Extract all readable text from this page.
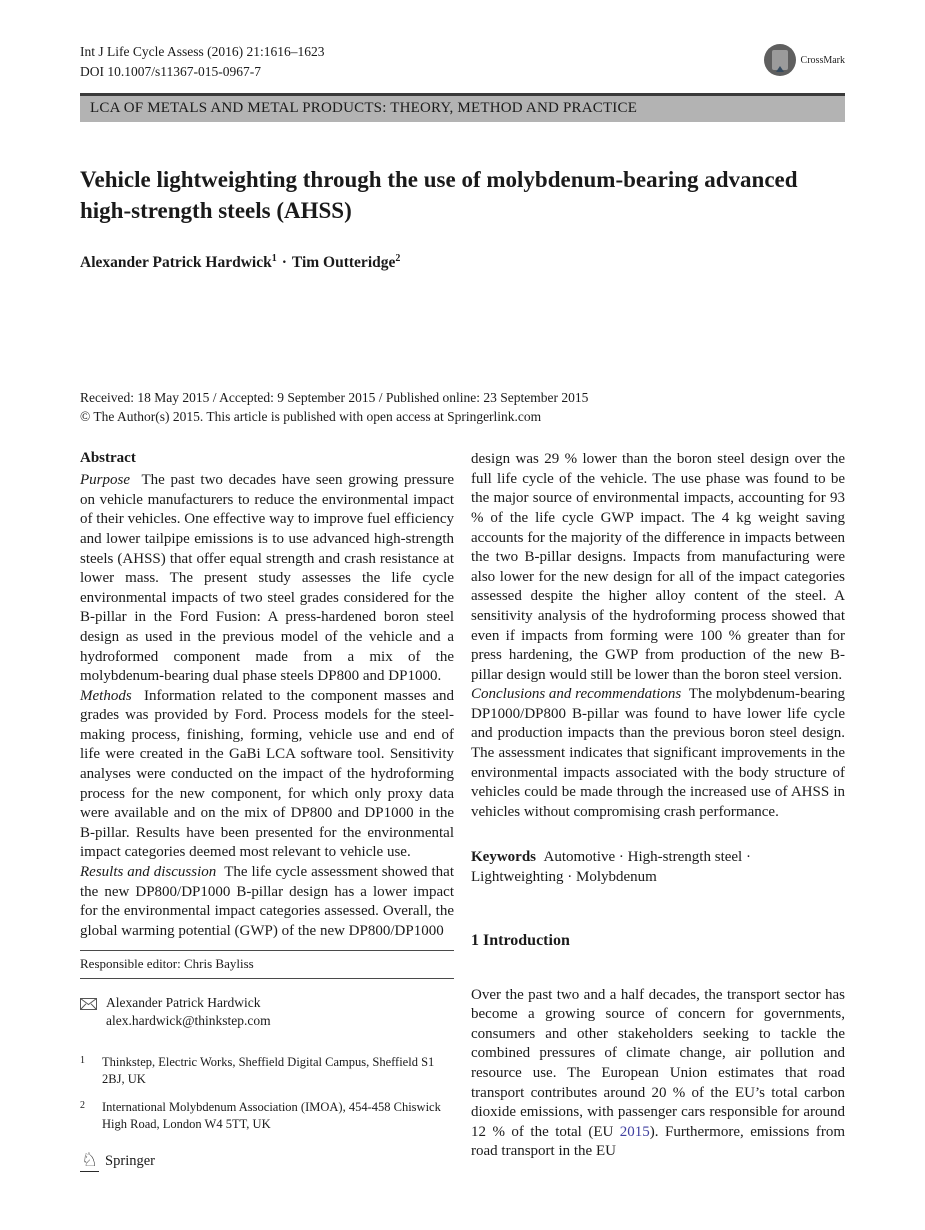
Int J Life Cycle Assess (2016) 21:1616–1623
DOI 10.1007/s11367-015-0967-7
CrossMark
LCA OF METALS AND METAL PRODUCTS: THEORY, METHOD AND PRACTICE
Vehicle lightweighting through the use of molybdenum-bearing advanced high-strength steels (AHSS)
Alexander Patrick Hardwick$^1$ · Tim Outteridge$^2$
Received: 18 May 2015 / Accepted: 9 September 2015 / Published online: 23 September 2015
© The Author(s) 2015. This article is published with open access at Springerlink.com
Abstract

Purpose The past two decades have seen growing pressure on vehicle manufacturers to reduce the environmental impact of their vehicles. One effective way to improve fuel efficiency and lower tailpipe emissions is to use advanced high-strength steels (AHSS) that offer equal strength and crash resistance at lower mass. The present study assesses the life cycle environmental impacts of two steel grades considered for the B-pillar in the Ford Fusion: A press-hardened boron steel design as used in the previous model of the vehicle and a hydroformed component made from a mix of the molybdenum-bearing dual phase steels DP800 and DP1000.

Methods Information related to the component masses and grades was provided by Ford. Process models for the steel-making process, finishing, forming, vehicle use and end of life were created in the GaBi LCA software tool. Sensitivity analyses were conducted on the impact of the hydroforming process for the new component, for which only proxy data were available and on the mix of DP800 and DP1000 in the B-pillar. Results have been presented for the environmental impact categories deemed most relevant to vehicle use.

Results and discussion The life cycle assessment showed that the new DP800/DP1000 B-pillar design has a lower impact for the environmental impact categories assessed. Overall, the global warming potential (GWP) of the new DP800/DP1000

Responsible editor: Chris Bayliss
Alexander Patrick Hardwick
alex.hardwick@thinkstep.com
1	Thinkstep, Electric Works, Sheffield Digital Campus, Sheffield S1 2BJ, UK
2	International Molybdenum Association (IMOA), 454-458 Chiswick High Road, London W4 5TT, UK

design was 29 % lower than the boron steel design over the full life cycle of the vehicle. The use phase was found to be the major source of environmental impacts, accounting for 93 % of the life cycle GWP impact. The 4 kg weight saving accounts for the majority of the difference in impacts between the two B-pillar designs. Impacts from manufacturing were also lower for the new design for all of the impact categories assessed despite the higher alloy content of the steel. A sensitivity analysis of the hydroforming process showed that even if impacts from forming were 100 % greater than for press hardening, the GWP from production of the new B-pillar design would still be lower than the boron steel version.

Conclusions and recommendations The molybdenum-bearing DP1000/DP800 B-pillar was found to have lower life cycle and production impacts than the previous boron steel design. The assessment indicates that significant improvements in the environmental impacts associated with the body structure of vehicles could be made through the increased use of AHSS in vehicles without compromising crash performance.

Keywords Automotive · High-strength steel · Lightweighting · Molybdenum

1 Introduction

Over the past two and a half decades, the transport sector has become a growing source of concern for governments, consumers and other stakeholders seeking to tackle the combined pressures of climate change, air pollution and resource use. The European Union estimates that road transport contributes around 20 % of the EU’s total carbon dioxide emissions, with passenger cars responsible for around 12 % of the total (EU 2015). Furthermore, emissions from road transport in the EU

♘ Springer
